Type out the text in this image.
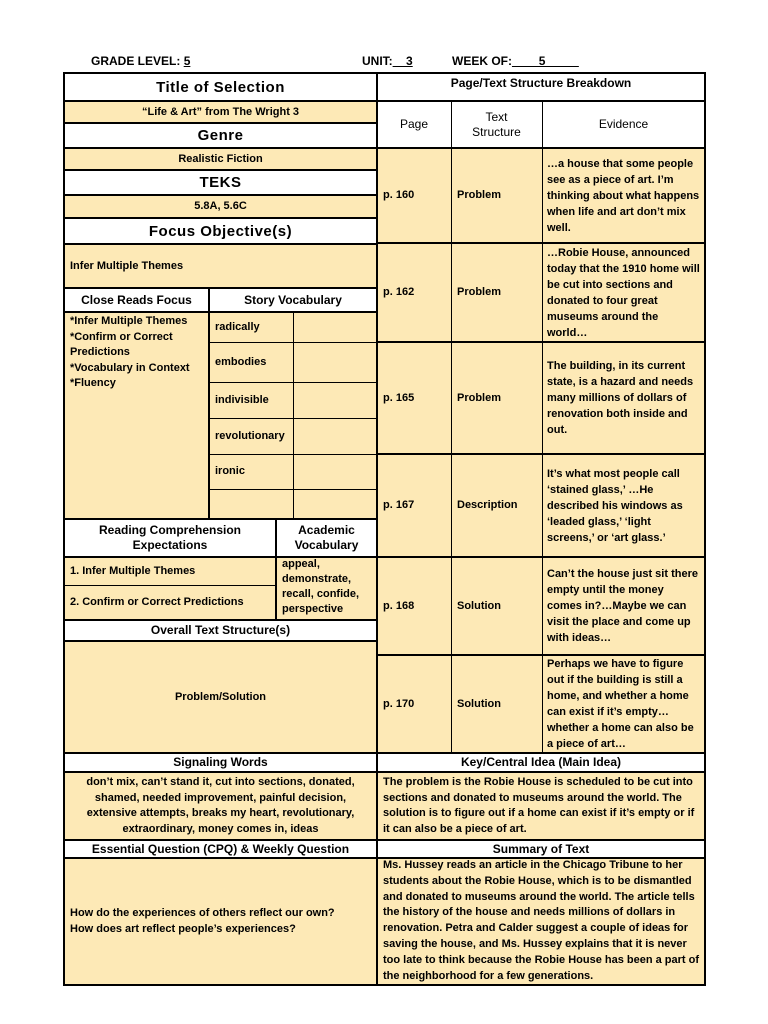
GRADE LEVEL: 5	UNIT:__3	WEEK OF:____5_____
Title of Selection
“Life & Art” from The Wright 3
Genre
Realistic Fiction
TEKS
5.8A, 5.6C
Focus Objective(s)
Infer Multiple Themes
Close Reads Focus	Story Vocabulary
*Infer Multiple Themes
*Confirm or Correct Predictions
*Vocabulary in Context
*Fluency
radically
embodies
indivisible
revolutionary
ironic
Reading Comprehension Expectations
Academic Vocabulary
1. Infer Multiple Themes
2. Confirm or Correct Predictions
appeal, demonstrate, recall, confide, perspective
Overall Text Structure(s)
Problem/Solution
Signaling Words
don’t mix, can’t stand it, cut into sections, donated, shamed, needed improvement, painful decision, extensive attempts, breaks my heart, revolutionary, extraordinary, money comes in, ideas
Essential Question (CPQ) & Weekly Question
How do the experiences of others reflect our own?
How does art reflect people’s experiences?
Page/Text Structure Breakdown
Page
Text Structure
Evidence
p. 160	Problem
…a house that some people see as a piece of art. I’m thinking about what happens when life and art don’t mix well.
p. 162	Problem
…Robie House, announced today that the 1910 home will be cut into sections and donated to four great museums around the world…
p. 165	Problem
The building, in its current state, is a hazard and needs many millions of dollars of renovation both inside and out.
p. 167	Description
It’s what most people call ‘stained glass,’ …He described his windows as ‘leaded glass,’ ‘light screens,’ or ‘art glass.’
p. 168	Solution
Can’t the house just sit there empty until the money comes in?…Maybe we can visit the place and come up with ideas…
p. 170	Solution
Perhaps we have to figure out if the building is still a home, and whether a home can exist if it’s empty…whether a home can also be a piece of art…
Key/Central Idea (Main Idea)
The problem is the Robie House is scheduled to be cut into sections and donated to museums around the world. The solution is to figure out if a home can exist if it’s empty or if it can also be a piece of art.
Summary of Text
Ms. Hussey reads an article in the Chicago Tribune to her students about the Robie House, which is to be dismantled and donated to museums around the world. The article tells the history of the house and needs millions of dollars in renovation. Petra and Calder suggest a couple of ideas for saving the house, and Ms. Hussey explains that it is never too late to think because the Robie House has been a part of the neighborhood for a few generations.
